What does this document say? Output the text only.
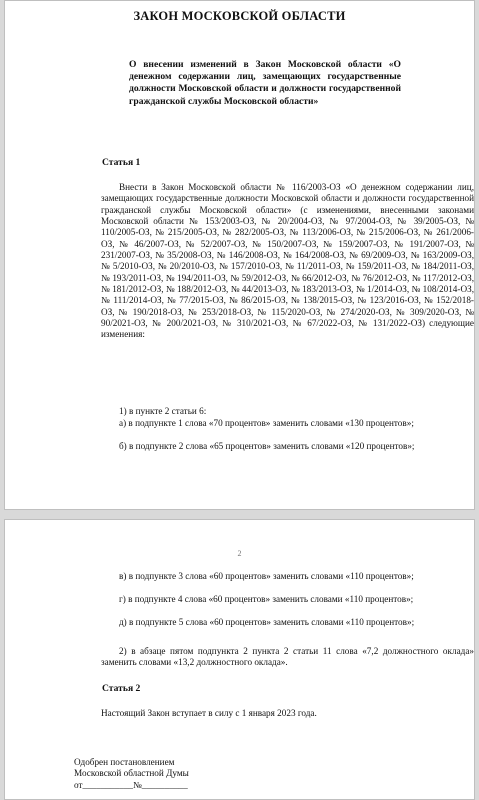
ЗАКОН МОСКОВСКОЙ ОБЛАСТИ
О внесении изменений в Закон Московской области «О денежном содержании лиц, замещающих государственные должности Московской области и должности государственной гражданской службы Московской области»
Статья 1

Внести в Закон Московской области № 116/2003-ОЗ «О денежном содержании лиц, замещающих государственные должности Московской области и должности государственной гражданской службы Московской области» (с изменениями, внесенными законами Московской области № 153/2003-ОЗ, № 20/2004-ОЗ, № 97/2004-ОЗ, № 39/2005-ОЗ, № 110/2005-ОЗ, № 215/2005-ОЗ, № 282/2005-ОЗ, № 113/2006-ОЗ, № 215/2006-ОЗ, № 261/2006-ОЗ, № 46/2007-ОЗ, № 52/2007-ОЗ, № 150/2007-ОЗ, № 159/2007-ОЗ, № 191/2007-ОЗ, № 231/2007-ОЗ, № 35/2008-ОЗ, № 146/2008-ОЗ, № 164/2008-ОЗ, № 69/2009-ОЗ, № 163/2009-ОЗ, № 5/2010-ОЗ, № 20/2010-ОЗ, № 157/2010-ОЗ, № 11/2011-ОЗ, № 159/2011-ОЗ, № 184/2011-ОЗ, № 193/2011-ОЗ, № 194/2011-ОЗ, № 59/2012-ОЗ, № 66/2012-ОЗ, № 76/2012-ОЗ, № 117/2012-ОЗ, № 181/2012-ОЗ, № 188/2012-ОЗ, № 44/2013-ОЗ, № 183/2013-ОЗ, № 1/2014-ОЗ, № 108/2014-ОЗ, № 111/2014-ОЗ, № 77/2015-ОЗ, № 86/2015-ОЗ, № 138/2015-ОЗ, № 123/2016-ОЗ, № 152/2018-ОЗ, № 190/2018-ОЗ, № 253/2018-ОЗ, № 115/2020-ОЗ, № 274/2020-ОЗ, № 309/2020-ОЗ, № 90/2021-ОЗ, № 200/2021-ОЗ, № 310/2021-ОЗ, № 67/2022-ОЗ, № 131/2022-ОЗ) следующие изменения:

1) в пункте 2 статьи 6:

а) в подпункте 1 слова «70 процентов» заменить словами «130 процентов»;

б) в подпункте 2 слова «65 процентов» заменить словами «120 процентов»;

2

в) в подпункте 3 слова «60 процентов» заменить словами «110 процентов»;

г) в подпункте 4 слова «60 процентов» заменить словами «110 процентов»;

д) в подпункте 5 слова «60 процентов» заменить словами «110 процентов»;

2) в абзаце пятом подпункта 2 пункта 2 статьи 11 слова «7,2 должностного оклада» заменить словами «13,2 должностного оклада».

Статья 2

Настоящий Закон вступает в силу с 1 января 2023 года.

Одобрен постановлением
Московской областной Думы
от___________№__________
